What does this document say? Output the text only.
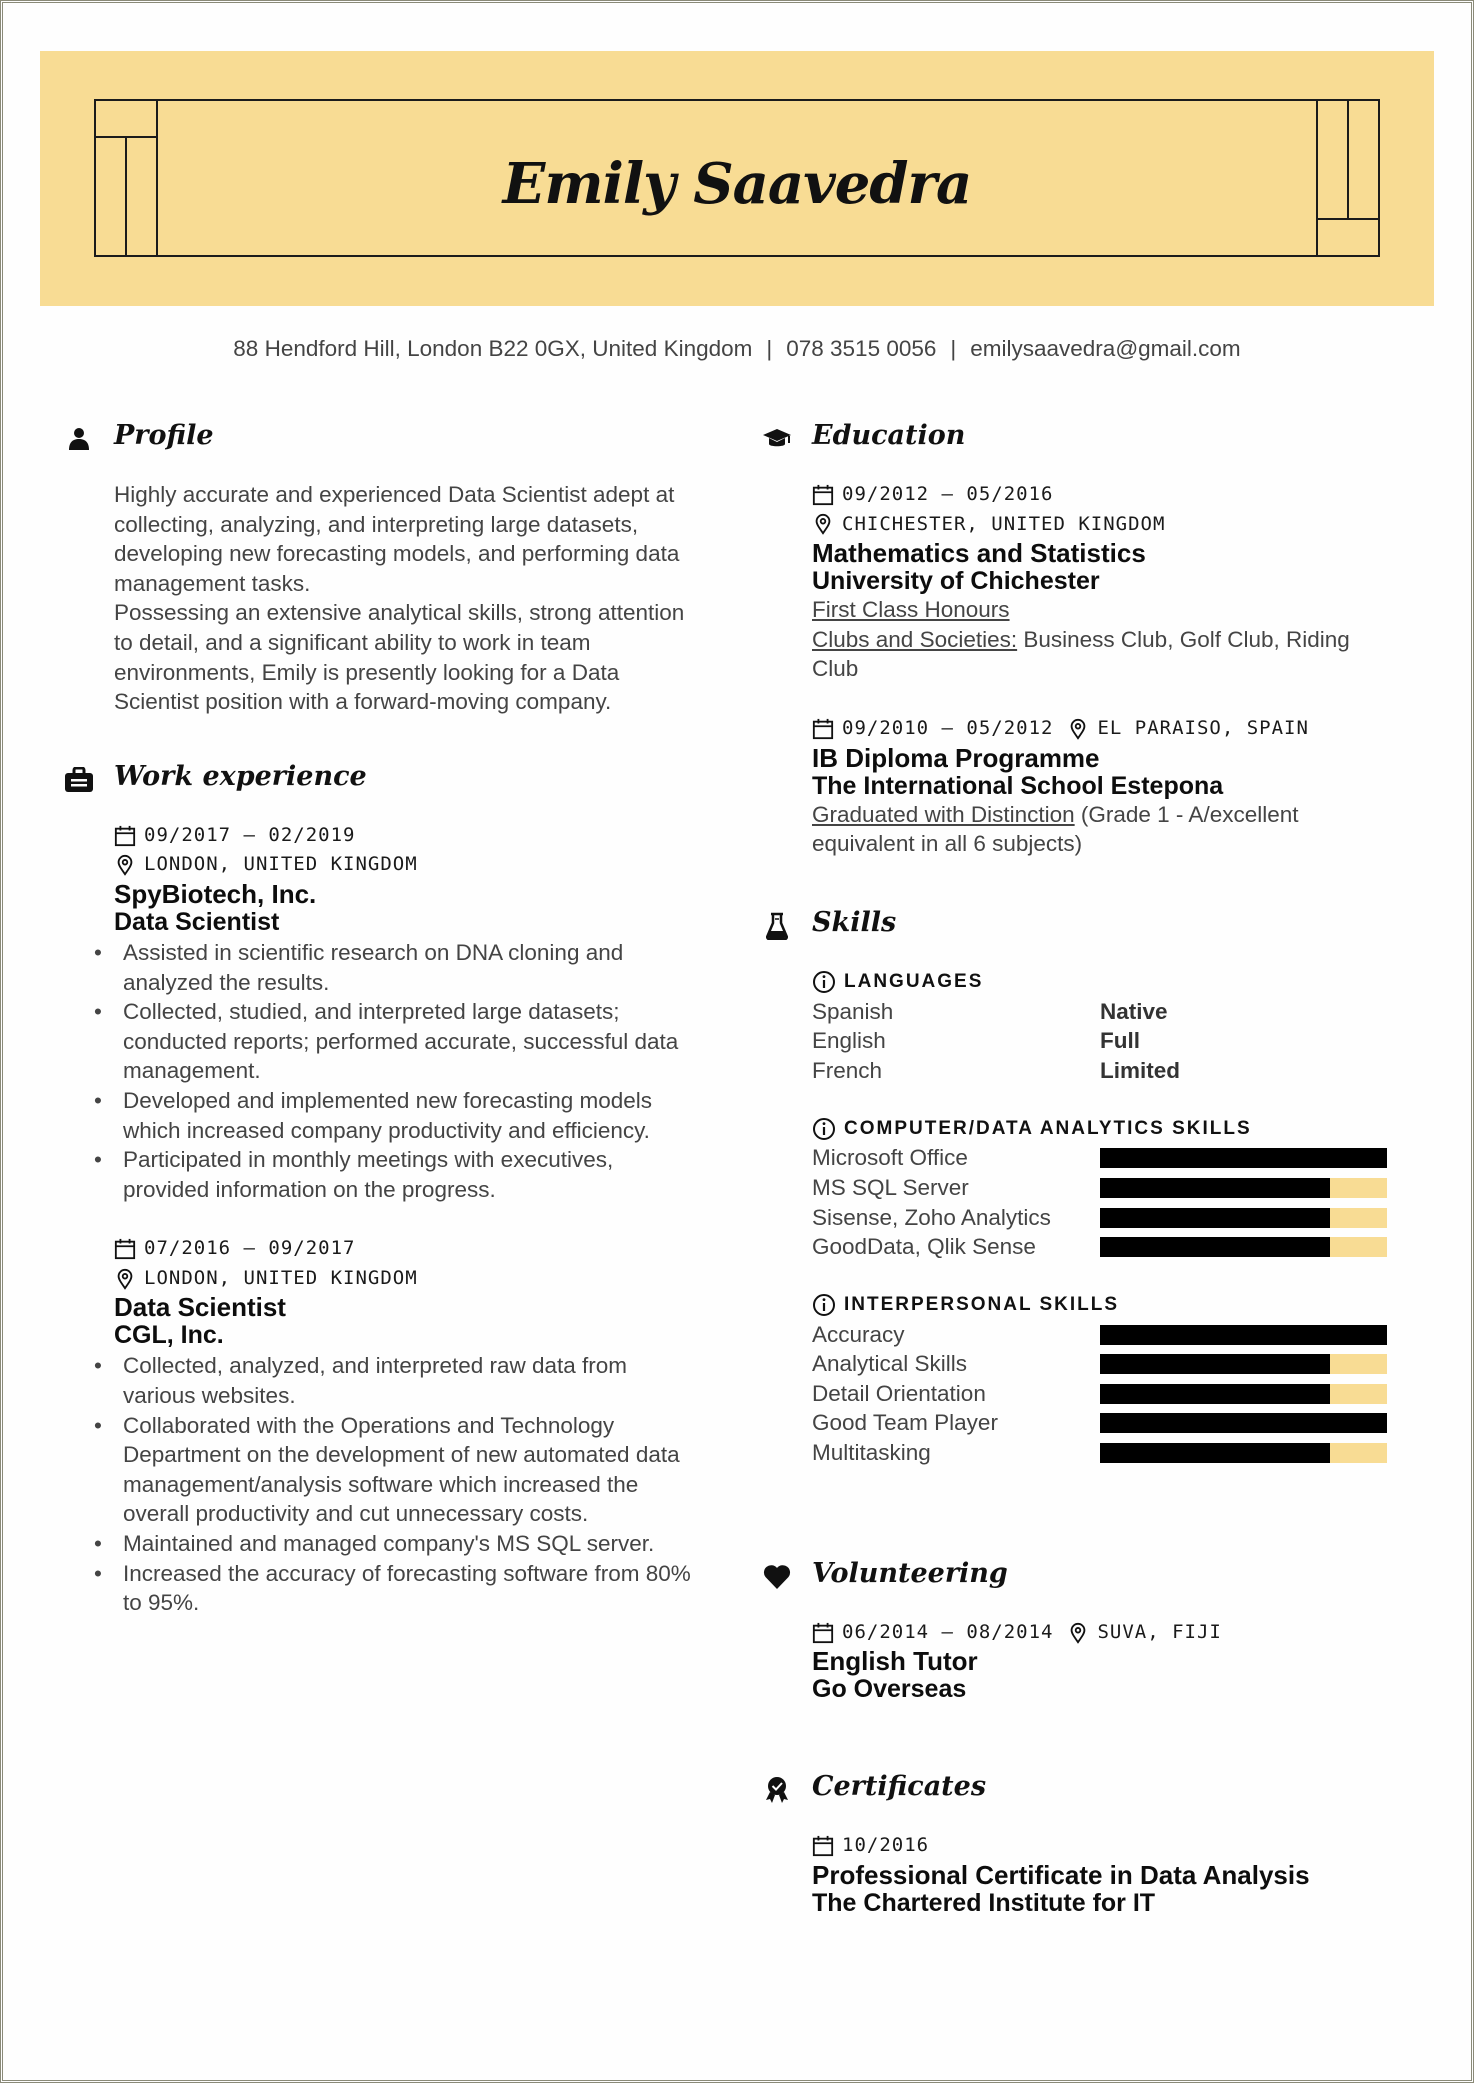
Emily Saavedra
88 Hendford Hill, London B22 0GX, United Kingdom | 078 3515 0056 | emilysaavedra@gmail.com
Profile
Highly accurate and experienced Data Scientist adept at collecting, analyzing, and interpreting large datasets, developing new forecasting models, and performing data management tasks.
Possessing an extensive analytical skills, strong attention to detail, and a significant ability to work in team environments, Emily is presently looking for a Data Scientist position with a forward-moving company.
Work experience
09/2017 – 02/2019
LONDON, UNITED KINGDOM
SpyBiotech, Inc.
Data Scientist
• Assisted in scientific research on DNA cloning and analyzed the results.
• Collected, studied, and interpreted large datasets; conducted reports; performed accurate, successful data management.
• Developed and implemented new forecasting models which increased company productivity and efficiency.
• Participated in monthly meetings with executives, provided information on the progress.
07/2016 – 09/2017
LONDON, UNITED KINGDOM
Data Scientist
CGL, Inc.
• Collected, analyzed, and interpreted raw data from various websites.
• Collaborated with the Operations and Technology Department on the development of new automated data management/analysis software which increased the overall productivity and cut unnecessary costs.
• Maintained and managed company's MS SQL server.
• Increased the accuracy of forecasting software from 80% to 95%.
Education
09/2012 – 05/2016
CHICHESTER, UNITED KINGDOM
Mathematics and Statistics
University of Chichester
First Class Honours
Clubs and Societies: Business Club, Golf Club, Riding Club
09/2010 – 05/2012 EL PARAISO, SPAIN
IB Diploma Programme
The International School Estepona
Graduated with Distinction (Grade 1 - A/excellent equivalent in all 6 subjects)
Skills
LANGUAGES
Spanish	Native
English	Full
French	Limited
COMPUTER/DATA ANALYTICS SKILLS
Microsoft Office
MS SQL Server
Sisense, Zoho Analytics
GoodData, Qlik Sense
INTERPERSONAL SKILLS
Accuracy
Analytical Skills
Detail Orientation
Good Team Player
Multitasking
Volunteering
06/2014 – 08/2014 SUVA, FIJI
English Tutor
Go Overseas
Certificates
10/2016
Professional Certificate in Data Analysis
The Chartered Institute for IT
